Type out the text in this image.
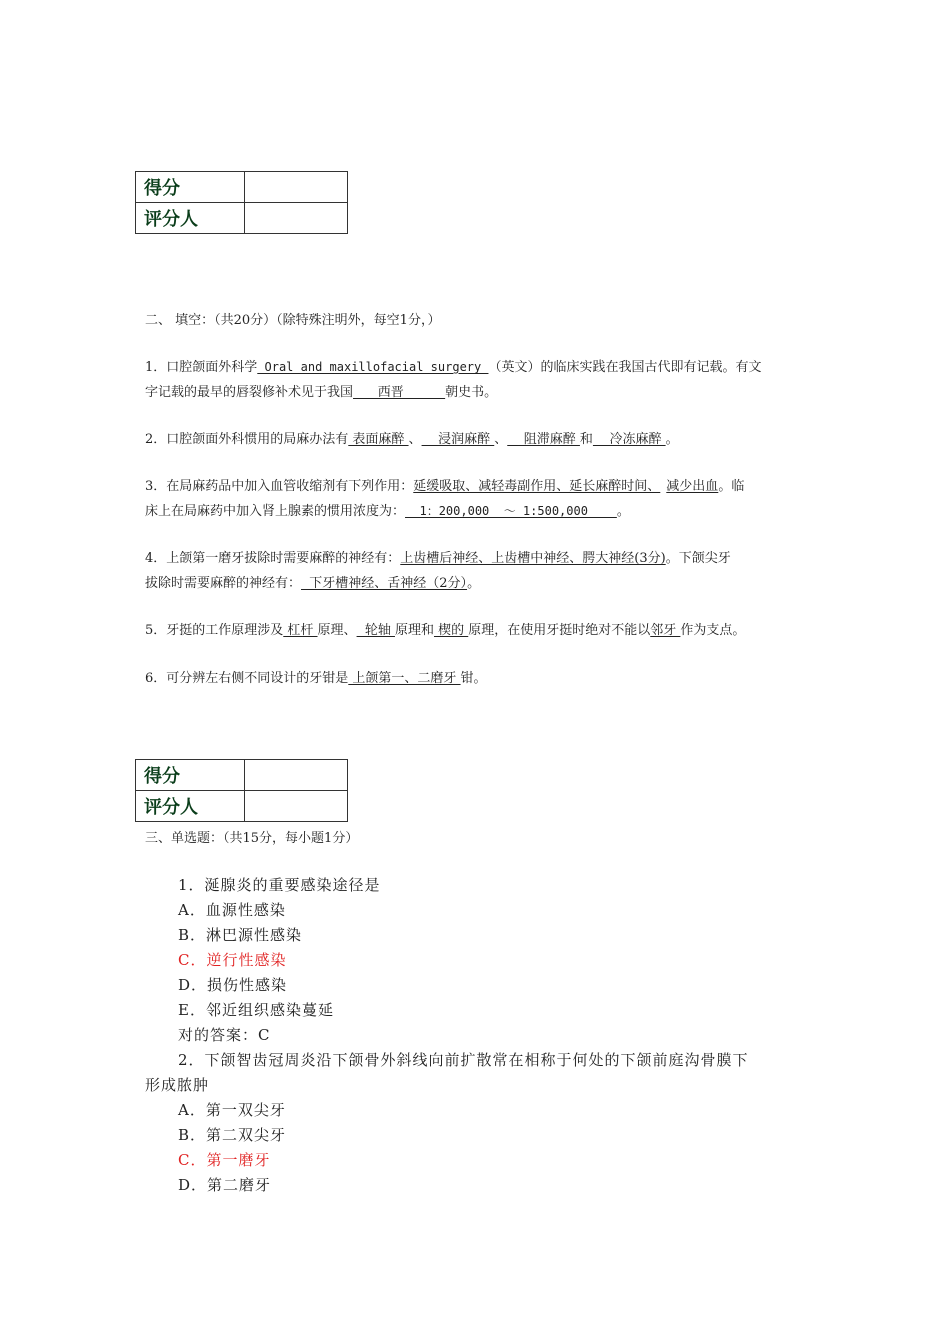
得分	
评分人	
二、 填空：（共20分）（除特殊注明外，每空1分，）
1．口腔颌面外科学 Oral and maxillofacial surgery （英文）的临床实践在我国古代即有记载。有文
字记载的最早的唇裂修补术见于我国      西晋          朝史书。
2．口腔颌面外科惯用的局麻办法有 表面麻醉 、    浸润麻醉 、    阻滞麻醉 和    冷冻麻醉 。
3．在局麻药品中加入血管收缩剂有下列作用：延缓吸取、减轻毒副作用、延长麻醉时间、 减少出血。临
床上在局麻药中加入肾上腺素的惯用浓度为：  1：200,000  ～ 1:500,000    。
4．上颌第一磨牙拔除时需要麻醉的神经有：上齿槽后神经、上齿槽中神经、腭大神经(3分)。下颌尖牙
拔除时需要麻醉的神经有：  下牙槽神经、舌神经（2分）。
5．牙挺的工作原理涉及 杠杆 原理、  轮轴 原理和 楔的 原理，在使用牙挺时绝对不能以邻牙 作为支点。
6．可分辨左右侧不同设计的牙钳是 上颌第一、二磨牙 钳。
得分	
评分人	
三、单选题：（共15分，每小题1分）
1．涎腺炎的重要感染途径是
A．血源性感染
B．淋巴源性感染
C．逆行性感染
D．损伤性感染
E．邻近组织感染蔓延
对的答案：C
2．下颌智齿冠周炎沿下颌骨外斜线向前扩散常在相称于何处的下颌前庭沟骨膜下
形成脓肿
A．第一双尖牙
B．第二双尖牙
C．第一磨牙
D．第二磨牙
